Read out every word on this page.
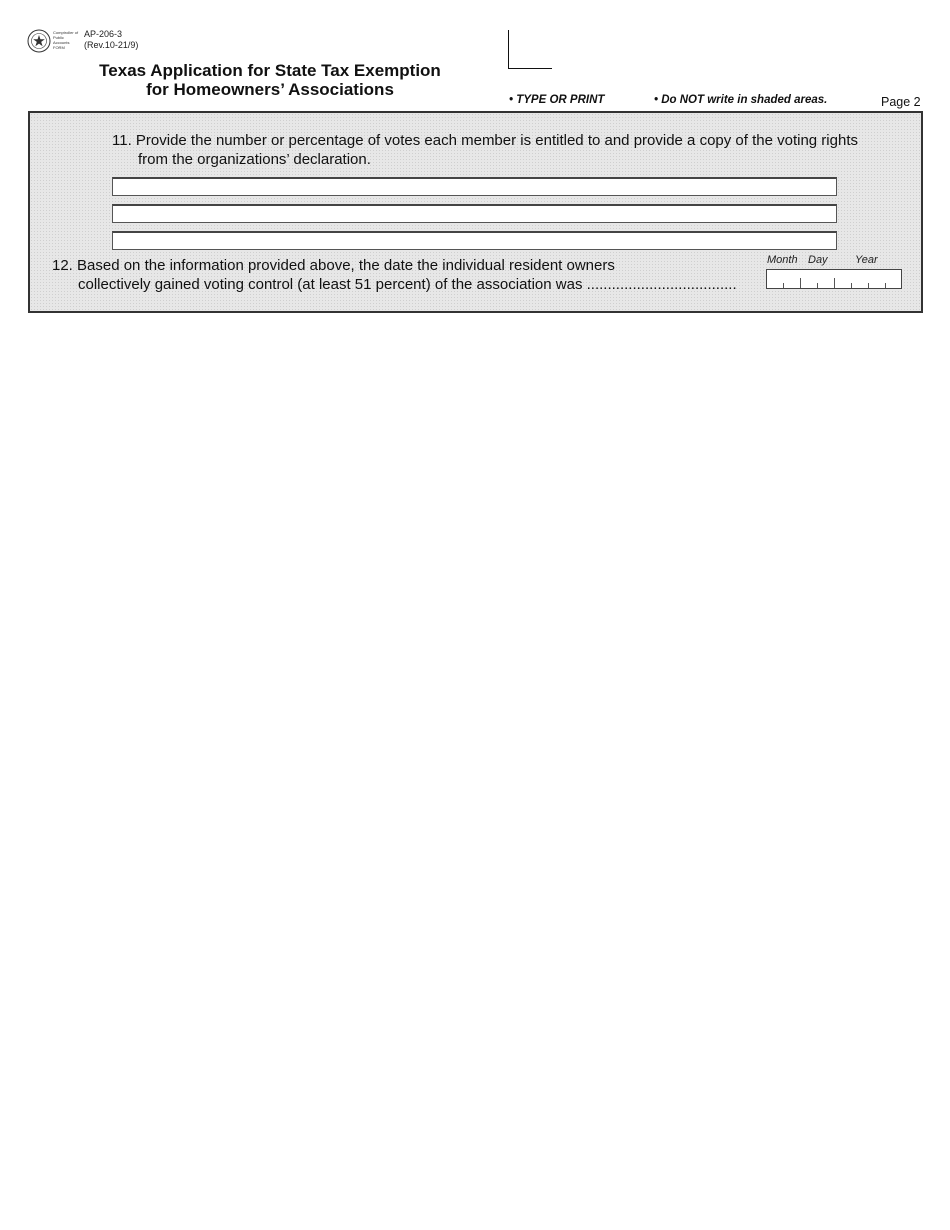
Comptroller of Public Accounts FORM
AP-206-3
(Rev.10-21/9)
Texas Application for State Tax Exemption
for Homeowners’ Associations
• TYPE OR PRINT	• Do NOT write in shaded areas.	Page 2
11. Provide the number or percentage of votes each member is entitled to and provide a copy of the voting rights
from the organizations’ declaration.
12. Based on the information provided above, the date the individual resident owners
collectively gained voting control (at least 51 percent) of the association was ....................................
Month Day Year
